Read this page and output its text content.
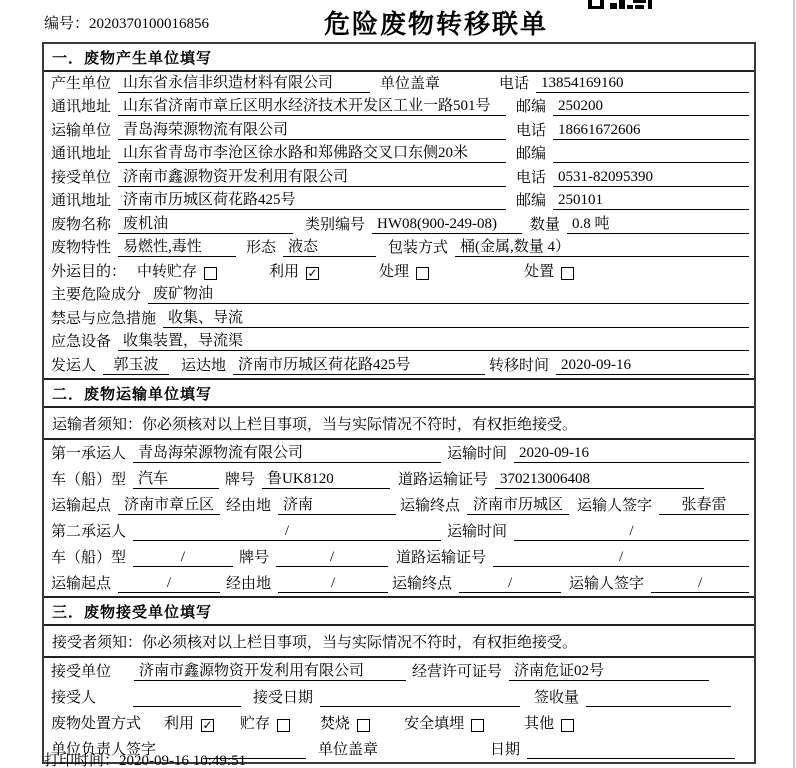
编号：2020370100016856	危险废物转移联单
一．废物产生单位填写
产生单位 山东省永信非织造材料有限公司	单位盖章	电话 13854169160
通讯地址 山东省济南市章丘区明水经济技术开发区工业一路501号	邮编 250200
运输单位 青岛海荣源物流有限公司	电话 18661672606
通讯地址 山东省青岛市李沧区徐水路和郑佛路交叉口东侧20米	邮编
接受单位 济南市鑫源物资开发利用有限公司	电话 0531-82095390
通讯地址 济南市历城区荷花路425号	邮编 250101
废物名称 废机油	类别编号 HW08(900-249-08)	数量 0.8 吨
废物特性 易燃性,毒性	形态 液态	包装方式 桶(金属,数量 4）
外运目的： 中转贮存	利用 ✓	处理	处置
主要危险成分 废矿物油
禁忌与应急措施 收集、导流
应急设备 收集装置，导流渠
发运人	郭玉波	运达地 济南市历城区荷花路425号	转移时间 2020-09-16
二．废物运输单位填写
运输者须知：你必须核对以上栏目事项，当与实际情况不符时，有权拒绝接受。
第一承运人 青岛海荣源物流有限公司	运输时间 2020-09-16
车（船）型 汽车	牌号 鲁UK8120	道路运输证号 370213006408
运输起点 济南市章丘区 经由地 济南	运输终点 济南市历城区 运输人签字	张春雷
第二承运人	/	运输时间	/
车（船）型	/	牌号	/	道路运输证号	/
运输起点	/	经由地	/	运输终点	/	运输人签字	/
三．废物接受单位填写
接受者须知：你必须核对以上栏目事项，当与实际情况不符时，有权拒绝接受。
接受单位	济南市鑫源物资开发利用有限公司	经营许可证号 济南危证02号
接受人	接受日期	签收量
废物处置方式 利用 ✓ 贮存	焚烧	安全填埋	其他
单位负责人签字	单位盖章	日期
打印时间：2020-09-16 10:49:51
